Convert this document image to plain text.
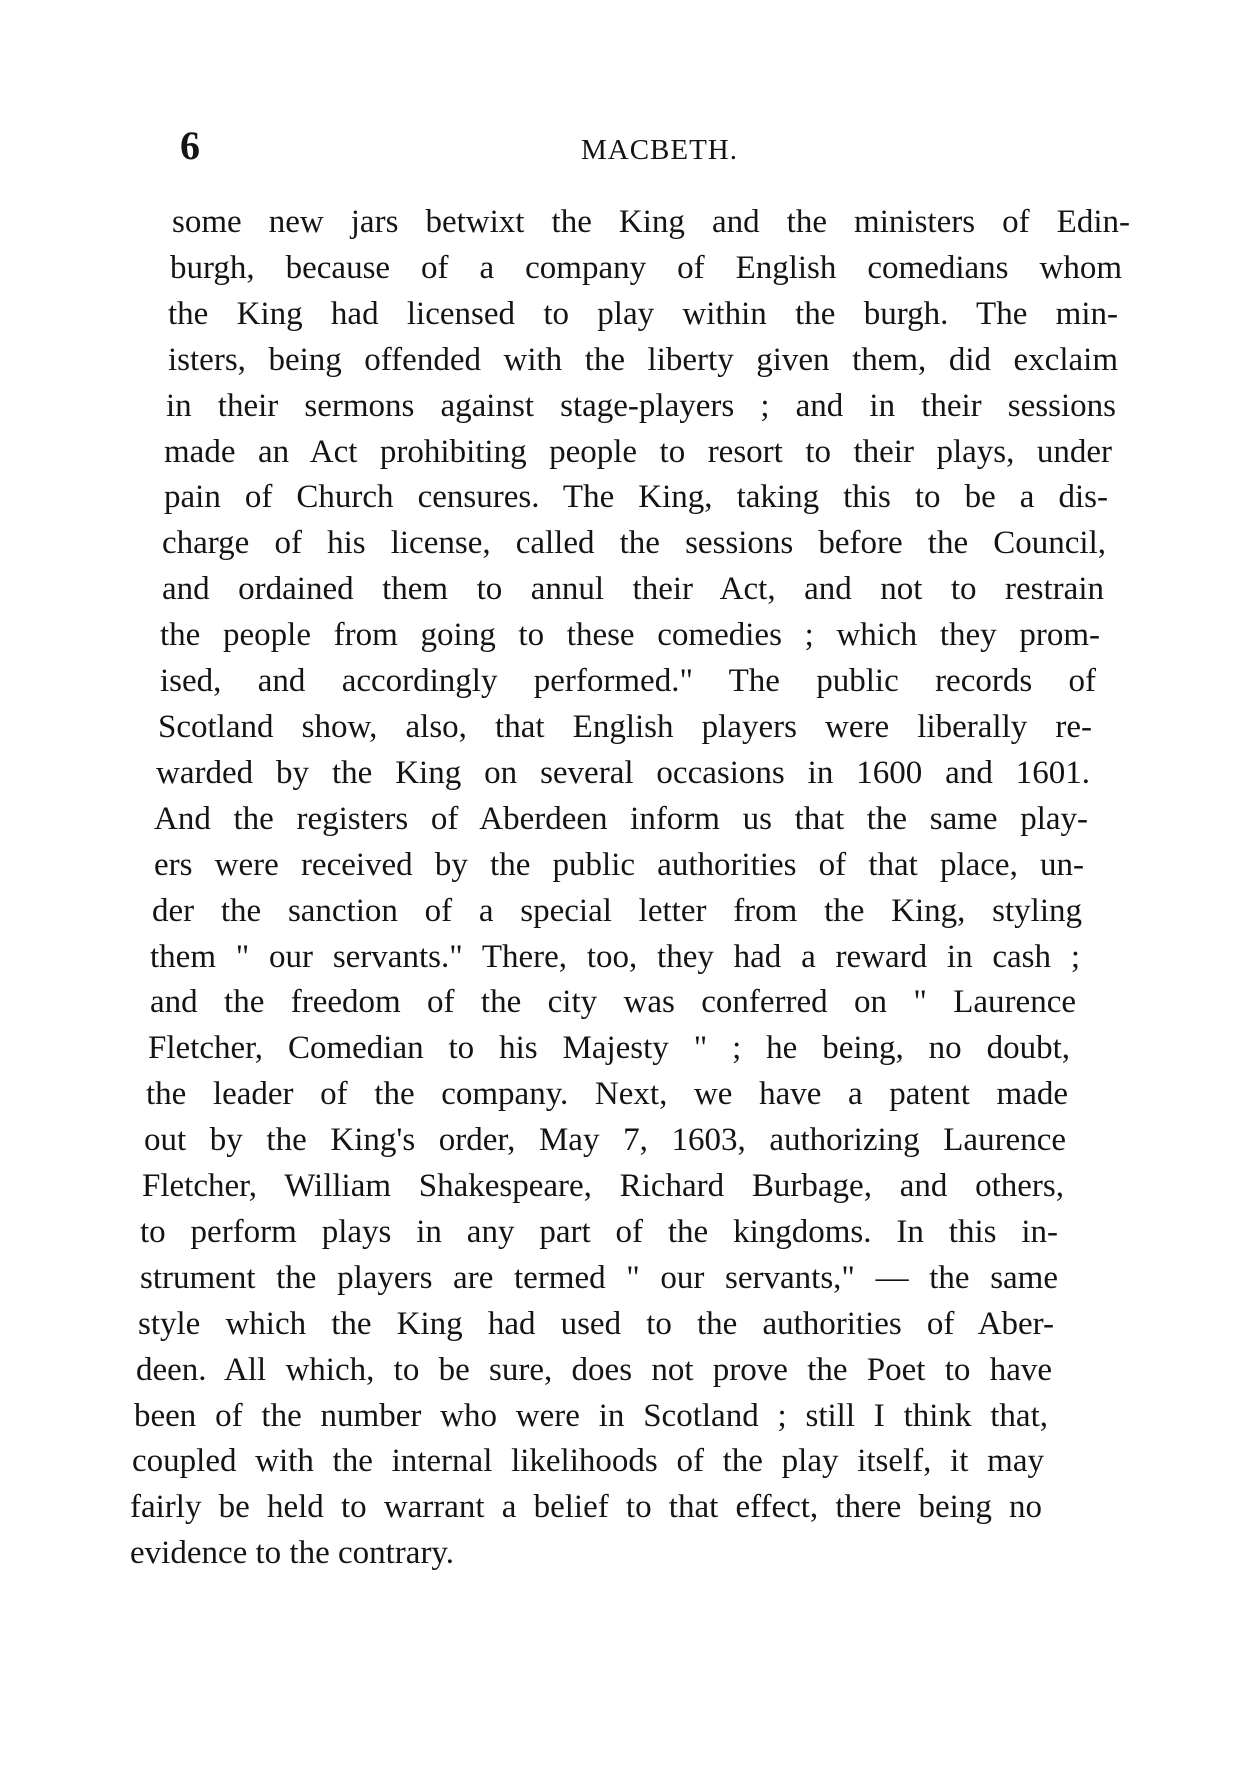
6	MACBETH.
some new jars betwixt the King and the ministers of Edin-
burgh, because of a company of English comedians whom
the King had licensed to play within the burgh. The min-
isters, being offended with the liberty given them, did exclaim
in their sermons against stage-players ; and in their sessions
made an Act prohibiting people to resort to their plays, under
pain of Church censures. The King, taking this to be a dis-
charge of his license, called the sessions before the Council,
and ordained them to annul their Act, and not to restrain
the people from going to these comedies ; which they prom-
ised, and accordingly performed." The public records of
Scotland show, also, that English players were liberally re-
warded by the King on several occasions in 1600 and 1601.
And the registers of Aberdeen inform us that the same play-
ers were received by the public authorities of that place, un-
der the sanction of a special letter from the King, styling
them " our servants." There, too, they had a reward in cash ;
and the freedom of the city was conferred on " Laurence
Fletcher, Comedian to his Majesty " ; he being, no doubt,
the leader of the company. Next, we have a patent made
out by the King's order, May 7, 1603, authorizing Laurence
Fletcher, William Shakespeare, Richard Burbage, and others,
to perform plays in any part of the kingdoms. In this in-
strument the players are termed " our servants," — the same
style which the King had used to the authorities of Aber-
deen. All which, to be sure, does not prove the Poet to have
been of the number who were in Scotland ; still I think that,
coupled with the internal likelihoods of the play itself, it may
fairly be held to warrant a belief to that effect, there being no
evidence to the contrary.
